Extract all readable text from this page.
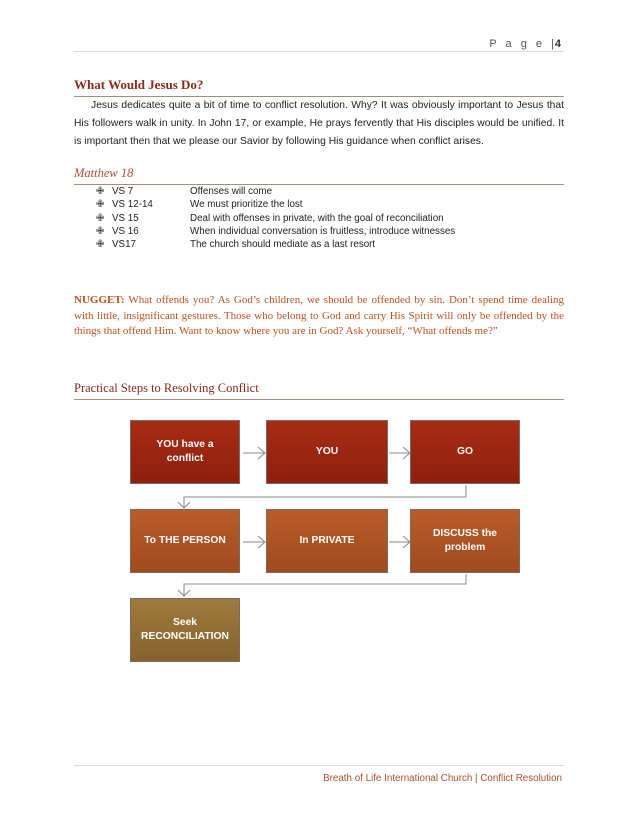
P a g e |4
What Would Jesus Do?
Jesus dedicates quite a bit of time to conflict resolution. Why? It was obviously important to Jesus that His followers walk in unity. In John 17, or example, He prays fervently that His disciples would be unified. It is important then that we please our Savior by following His guidance when conflict arises.
Matthew 18
✙ VS 7	Offenses will come
✙ VS 12-14	We must prioritize the lost
✙ VS 15	Deal with offenses in private, with the goal of reconciliation
✙ VS 16	When individual conversation is fruitless, introduce witnesses
✙ VS17	The church should mediate as a last resort
NUGGET: What offends you? As God’s children, we should be offended by sin. Don’t spend time dealing with little, insignificant gestures. Those who belong to God and carry His Spirit will only be offended by the things that offend Him. Want to know where you are in God? Ask yourself, “What offends me?”
Practical Steps to Resolving Conflict
YOU have a conflict
YOU	GO
To THE PERSON	In PRIVATE
DISCUSS the problem
Seek RECONCILIATION
Breath of Life International Church | Conflict Resolution
